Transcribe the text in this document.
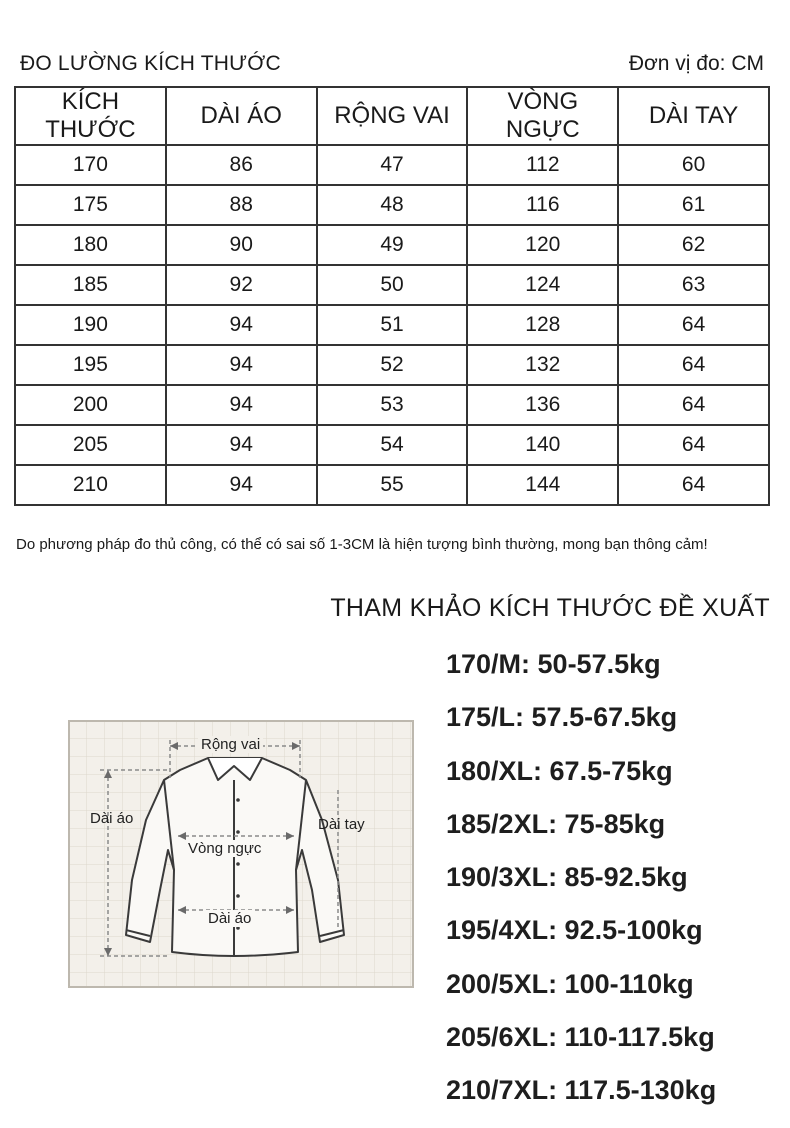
ĐO LƯỜNG KÍCH THƯỚC	Đơn vị đo: CM
KÍCH THƯỚC	DÀI ÁO	RỘNG VAI	VÒNG NGỰC	DÀI TAY
170	86	47	112	60
175	88	48	116	61
180	90	49	120	62
185	92	50	124	63
190	94	51	128	64
195	94	52	132	64
200	94	53	136	64
205	94	54	140	64
210	94	55	144	64
Do phương pháp đo thủ công, có thể có sai số 1-3CM là hiện tượng bình thường, mong bạn thông cảm!
THAM KHẢO KÍCH THƯỚC ĐỀ XUẤT
170/M: 50-57.5kg
175/L: 57.5-67.5kg
180/XL: 67.5-75kg
185/2XL: 75-85kg
190/3XL: 85-92.5kg
195/4XL: 92.5-100kg
200/5XL: 100-110kg
205/6XL: 110-117.5kg
210/7XL: 117.5-130kg
Rộng vai
Dài áo	Dài tay
Vòng ngực
Dài áo
